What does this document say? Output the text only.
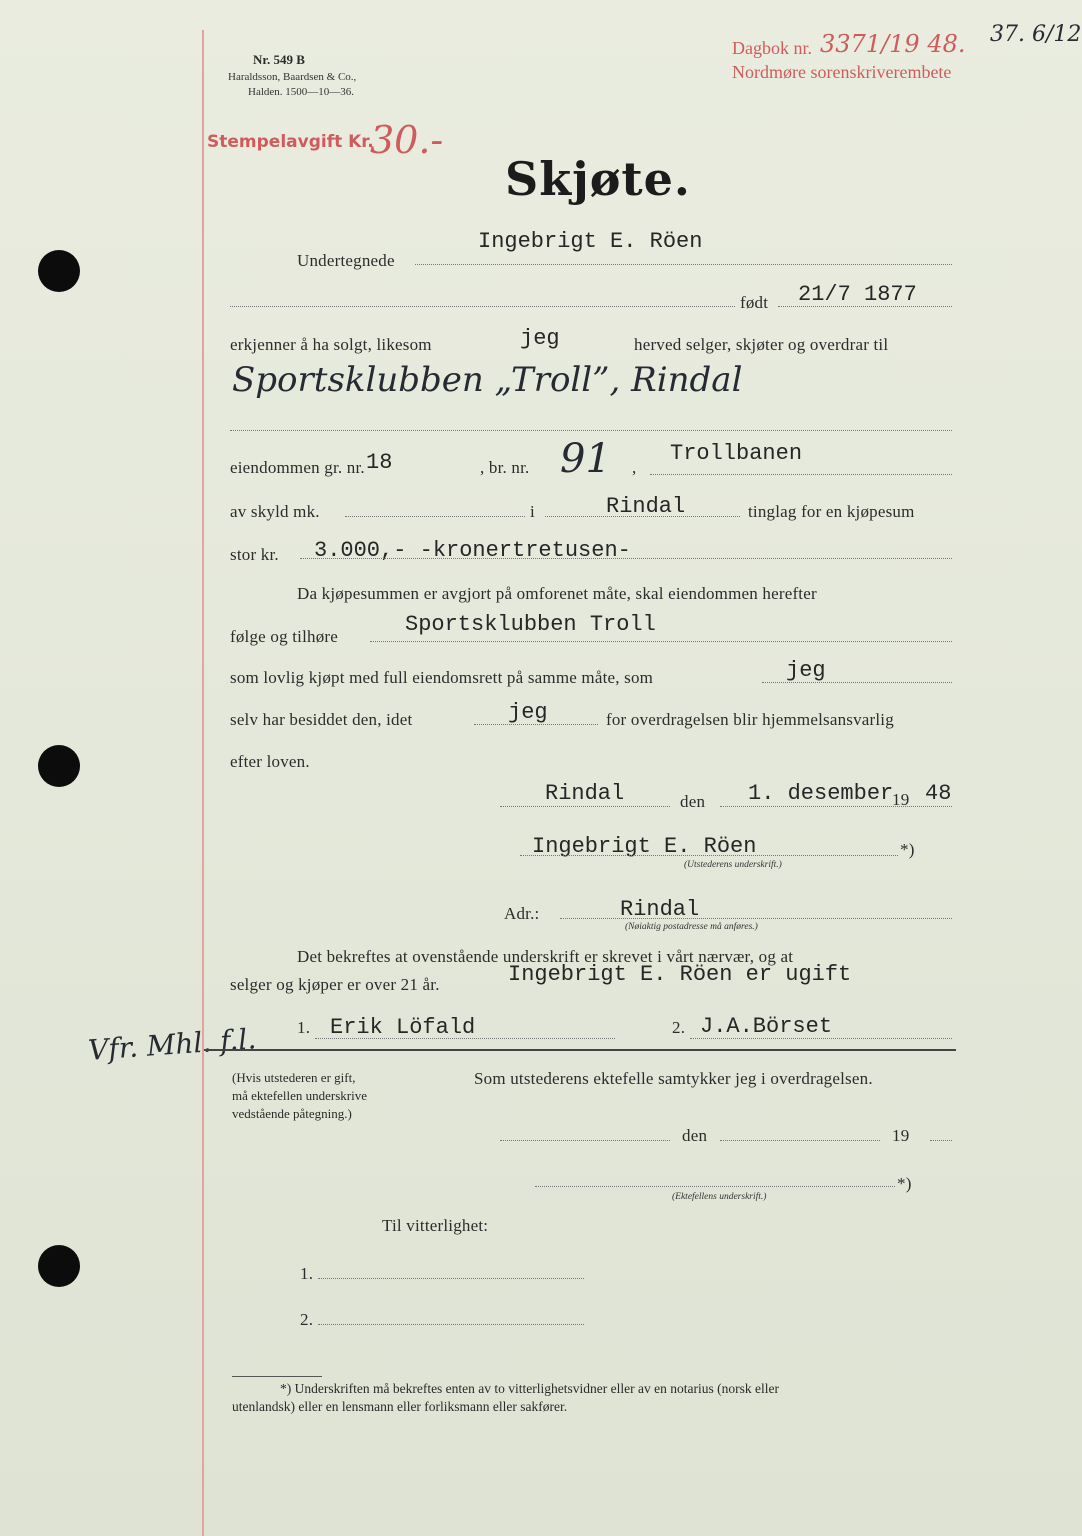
Nr. 549 B
Haraldsson, Baardsen & Co.,
Halden. 1500—10—36.
Stempelavgift Kr.
30.-
Dagbok nr. 3371/19 48. 37. 6/12
Nordmøre sorenskriverembete
Skjøte.
Undertegnede
Ingebrigt E. Röen
født 21/7 1877
erkjenner å ha solgt, likesom	jeg	herved selger, skjøter og overdrar til
Sportsklubben „Troll”, Rindal
eiendommen gr. nr. 18	, br. nr. 91 ,
Trollbanen
av skyld mk.	i	Rindal	tinglag for en kjøpesum
stor kr. 3.000,- -kronertretusen-
Da kjøpesummen er avgjort på omforenet måte, skal eiendommen herefter
følge og tilhøre	Sportsklubben Troll
som lovlig kjøpt med full eiendomsrett på samme måte, som	jeg
selv har besiddet den, idet	jeg	for overdragelsen blir hjemmelsansvarlig
efter loven.
Rindal	den 1. desember
19 48
Ingebrigt E. Röen
(Utstederens underskrift.)
*)
Adr.:	Rindal
(Nøiaktig postadresse må anføres.)
Det bekreftes at ovenstående underskrift er skrevet i vårt nærvær, og at
selger og kjøper er over 21 år.	Ingebrigt E. Röen er ugift
1. Erik Löfald	2. J.A.Börset
Vfr. Mhl. f.l.
(Hvis utstederen er gift,
må ektefellen underskrive
vedstående påtegning.)
Som utstederens ektefelle samtykker jeg i overdragelsen.
den	19
*)
(Ektefellens underskrift.)
Til vitterlighet:
1.
2.
*) Underskriften må bekreftes enten av to vitterlighetsvidner eller av en notarius (norsk eller
utenlandsk) eller en lensmann eller forliksmann eller sakfører.
